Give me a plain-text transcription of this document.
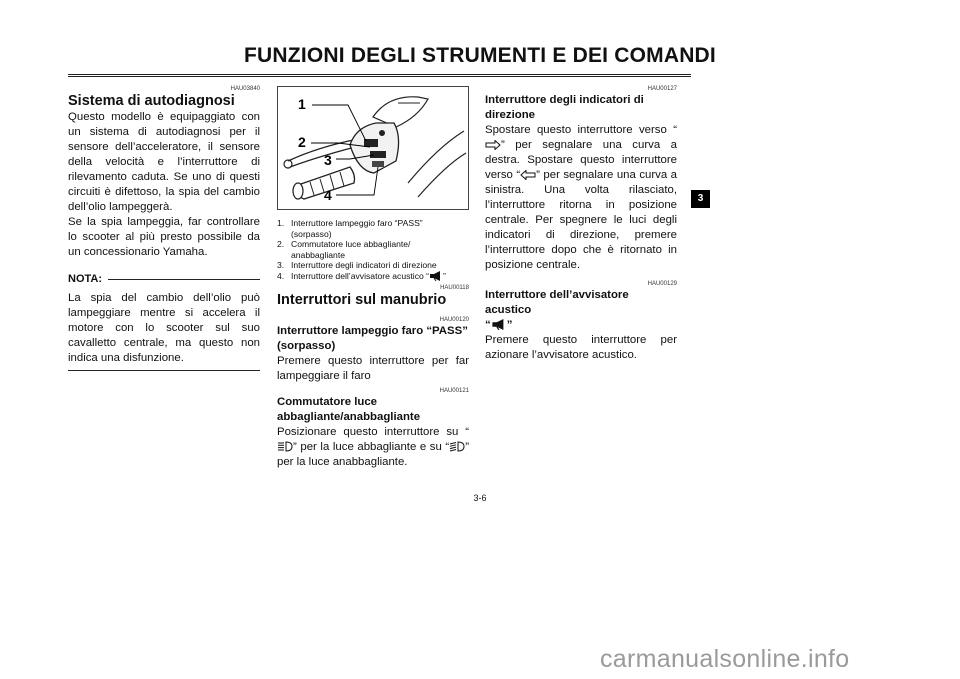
FUNZIONI DEGLI STRUMENTI E DEI COMANDI
HAU03840
Sistema di autodiagnosi
Questo modello è equipaggiato con un sistema di autodiagnosi per il sensore dell’acceleratore, il sensore della velocità e l’interruttore di rilevamento caduta. Se uno di questi circuiti è difettoso, la spia del cambio dell’olio lampeggerà.
Se la spia lampeggia, far controllare lo scooter al più presto possibile da un concessionario Yamaha.
NOTA:
La spia del cambio dell’olio può lampeggiare mentre si accelera il motore con lo scooter sul suo cavalletto centrale, ma questo non indica una disfunzione.
1
2
3
4
1. Interruttore lampeggio faro “PASS”
(sorpasso)
2. Commutatore luce abbagliante/
anabbagliante
3. Interruttore degli indicatori di direzione
4. Interruttore dell’avvisatore acustico “ ”
HAU00118
Interruttori sul manubrio
HAU00120
Interruttore lampeggio faro “PASS” (sorpasso)
Premere questo interruttore per far lampeggiare il faro
HAU00121
Commutatore luce abbagliante/anabbagliante
Posizionare questo interruttore su “” per la luce abbagliante e su “ ” per la luce anabbagliante.
HAU00127
Interruttore degli indicatori di direzione
Spostare questo interruttore verso “” per segnalare una curva a destra. Spostare questo interruttore verso “ ” per segnalare una curva a sinistra. Una volta rilasciato, l’interruttore ritorna in posizione centrale. Per spegnere le luci degli indicatori di direzione, premere l’interruttore dopo che è ritornato in posizione centrale.
HAU00129
Interruttore dell’avvisatore acustico
“ ”
Premere questo interruttore per azionare l’avvisatore acustico.
3
3-6
carmanualsonline.info
